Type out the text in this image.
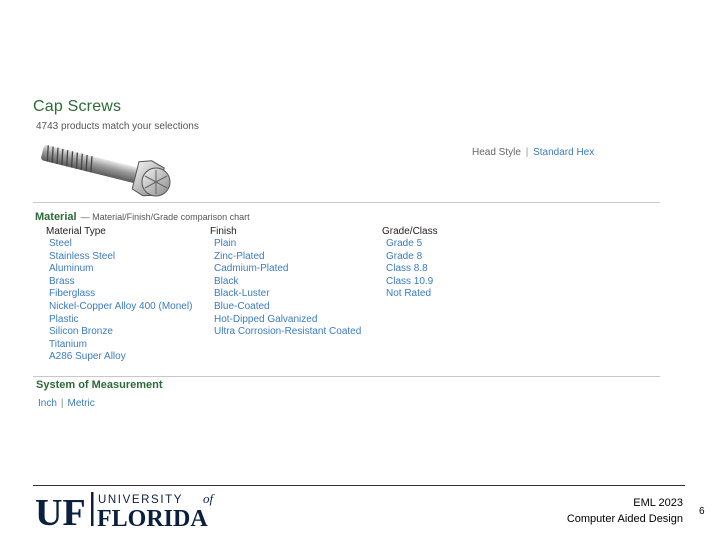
Cap Screws
4743 products match your selections
Head Style | Standard Hex
Material — Material/Finish/Grade comparison chart
Material Type
Steel
Stainless Steel
Aluminum
Brass
Fiberglass
Nickel-Copper Alloy 400 (Monel)
Plastic
Silicon Bronze
Titanium
A286 Super Alloy
Finish
Plain
Zinc-Plated
Cadmium-Plated
Black
Black-Luster
Blue-Coated
Hot-Dipped Galvanized
Ultra Corrosion-Resistant Coated
Grade/Class
Grade 5
Grade 8
Class 8.8
Class 10.9
Not Rated
System of Measurement
Inch | Metric
UF UNIVERSITY of
FLORIDA
EML 2023
Computer Aided Design
6
